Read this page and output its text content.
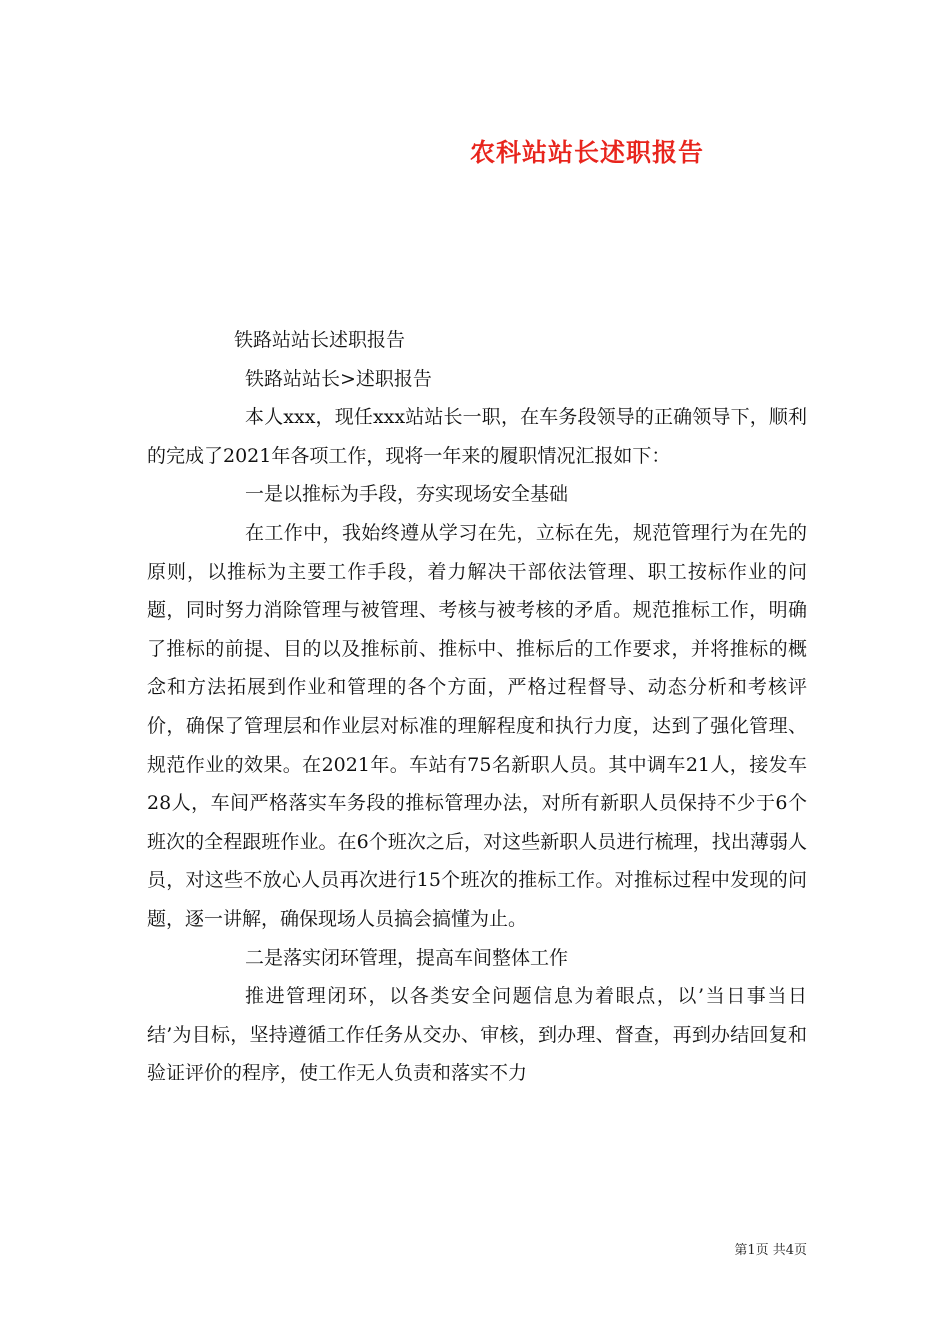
农科站站长述职报告

铁路站站长述职报告

铁路站站长>述职报告

本人xxx，现任xxx站站长一职，在车务段领导的正确领导下，顺利的完成了2021年各项工作，现将一年来的履职情况汇报如下：

一是以推标为手段，夯实现场安全基础

在工作中，我始终遵从学习在先，立标在先，规范管理行为在先的原则，以推标为主要工作手段，着力解决干部依法管理、职工按标作业的问题，同时努力消除管理与被管理、考核与被考核的矛盾。规范推标工作，明确了推标的前提、目的以及推标前、推标中、推标后的工作要求，并将推标的概念和方法拓展到作业和管理的各个方面，严格过程督导、动态分析和考核评价，确保了管理层和作业层对标准的理解程度和执行力度，达到了强化管理、规范作业的效果。在2021年。车站有75名新职人员。其中调车21人，接发车28人，车间严格落实车务段的推标管理办法，对所有新职人员保持不少于6个班次的全程跟班作业。在6个班次之后，对这些新职人员进行梳理，找出薄弱人员，对这些不放心人员再次进行15个班次的推标工作。对推标过程中发现的问题，逐一讲解，确保现场人员搞会搞懂为止。

二是落实闭环管理，提高车间整体工作

推进管理闭环，以各类安全问题信息为着眼点，以’当日事当日结’为目标，坚持遵循工作任务从交办、审核，到办理、督查，再到办结回复和验证评价的程序，使工作无人负责和落实不力

第1页 共4页
